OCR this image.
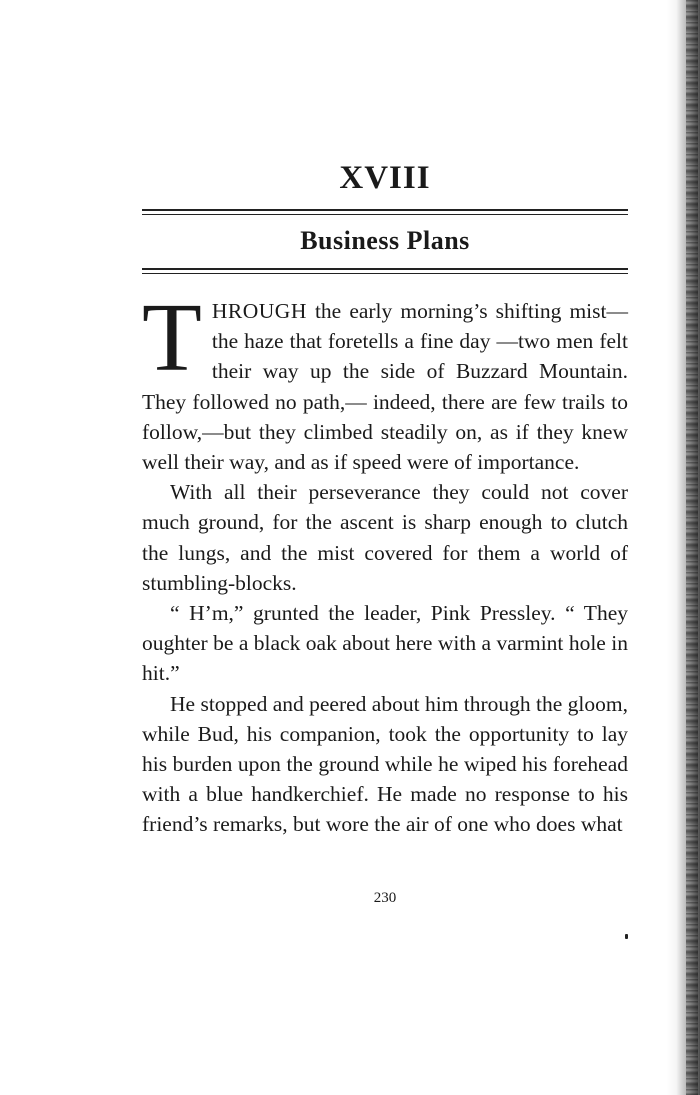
XVIII
Business Plans

THROUGH the early morning’s shifting mist—the haze that foretells a fine day —two men felt their way up the side of Buzzard Mountain. They followed no path,— indeed, there are few trails to follow,—but they climbed steadily on, as if they knew well their way, and as if speed were of importance.

With all their perseverance they could not cover much ground, for the ascent is sharp enough to clutch the lungs, and the mist covered for them a world of stumbling-blocks.

“ H’m,” grunted the leader, Pink Pressley. “ They oughter be a black oak about here with a varmint hole in hit.”

He stopped and peered about him through the gloom, while Bud, his companion, took the opportunity to lay his burden upon the ground while he wiped his forehead with a blue handkerchief. He made no response to his friend’s remarks, but wore the air of one who does what

230
